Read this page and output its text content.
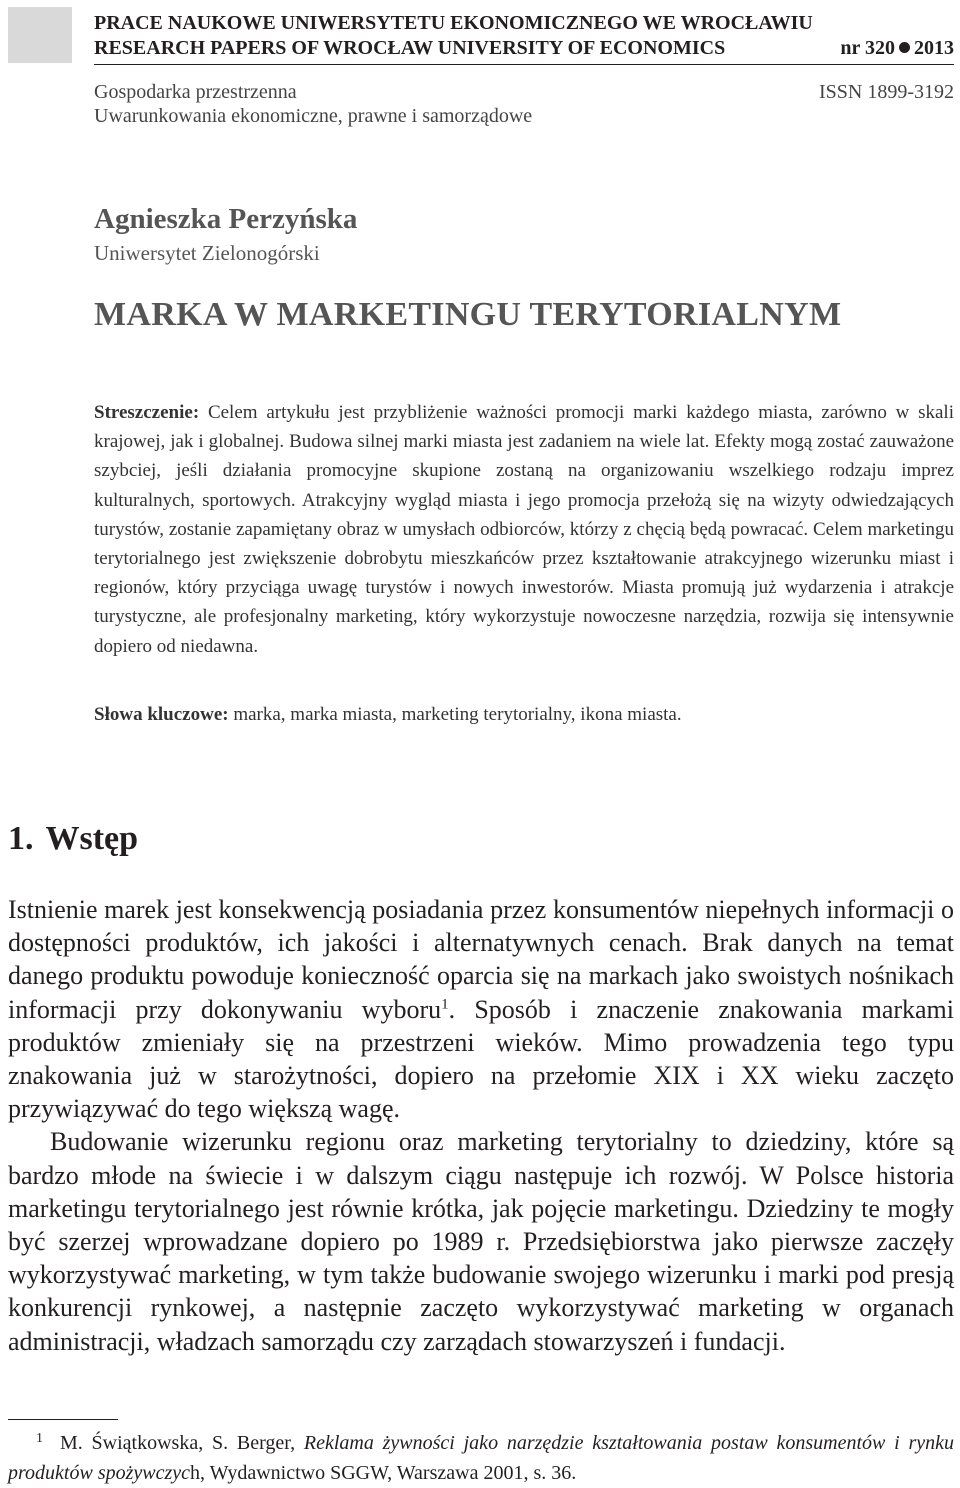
PRACE NAUKOWE UNIWERSYTETU EKONOMICZNEGO WE WROCŁAWIU
RESEARCH PAPERS OF WROCŁAW UNIVERSITY OF ECONOMICS	nr 320 2013
Gospodarka przestrzenna	ISSN 1899-3192
Uwarunkowania ekonomiczne, prawne i samorządowe
Agnieszka Perzyńska
Uniwersytet Zielonogórski
MARKA W MARKETINGU TERYTORIALNYM
Streszczenie: Celem artykułu jest przybliżenie ważności promocji marki każdego miasta, zarówno w skali krajowej, jak i globalnej. Budowa silnej marki miasta jest zadaniem na wiele lat. Efekty mogą zostać zauważone szybciej, jeśli działania promocyjne skupione zostaną na organizowaniu wszelkiego rodzaju imprez kulturalnych, sportowych. Atrakcyjny wygląd miasta i jego promocja przełożą się na wizyty odwiedzających turystów, zostanie zapamiętany obraz w umysłach odbiorców, którzy z chęcią będą powracać. Celem marketingu terytorialnego jest zwiększenie dobrobytu mieszkańców przez kształtowanie atrakcyjnego wizerunku miast i regionów, który przyciąga uwagę turystów i nowych inwestorów. Miasta promują już wydarzenia i atrakcje turystyczne, ale profesjonalny marketing, który wykorzystuje nowoczesne narzędzia, rozwija się intensywnie dopiero od niedawna.
Słowa kluczowe: marka, marka miasta, marketing terytorialny, ikona miasta.
1. Wstęp

Istnienie marek jest konsekwencją posiadania przez konsumentów niepełnych informacji o dostępności produktów, ich jakości i alternatywnych cenach. Brak danych na temat danego produktu powoduje konieczność oparcia się na markach jako swoistych nośnikach informacji przy dokonywaniu wyboru$^1$. Sposób i znaczenie znakowania markami produktów zmieniały się na przestrzeni wieków. Mimo prowadzenia tego typu znakowania już w starożytności, dopiero na przełomie XIX i XX wieku zaczęto przywiązywać do tego większą wagę.

Budowanie wizerunku regionu oraz marketing terytorialny to dziedziny, które są bardzo młode na świecie i w dalszym ciągu następuje ich rozwój. W Polsce historia marketingu terytorialnego jest równie krótka, jak pojęcie marketingu. Dziedziny te mogły być szerzej wprowadzane dopiero po 1989 r. Przedsiębiorstwa jako pierwsze zaczęły wykorzystywać marketing, w tym także budowanie swojego wizerunku i marki pod presją konkurencji rynkowej, a następnie zaczęto wykorzystywać marketing w organach administracji, władzach samorządu czy zarządach stowarzyszeń i fundacji.

1 M. Świątkowska, S. Berger, Reklama żywności jako narzędzie kształtowania postaw konsumentów i rynku produktów spożywczych, Wydawnictwo SGGW, Warszawa 2001, s. 36.
